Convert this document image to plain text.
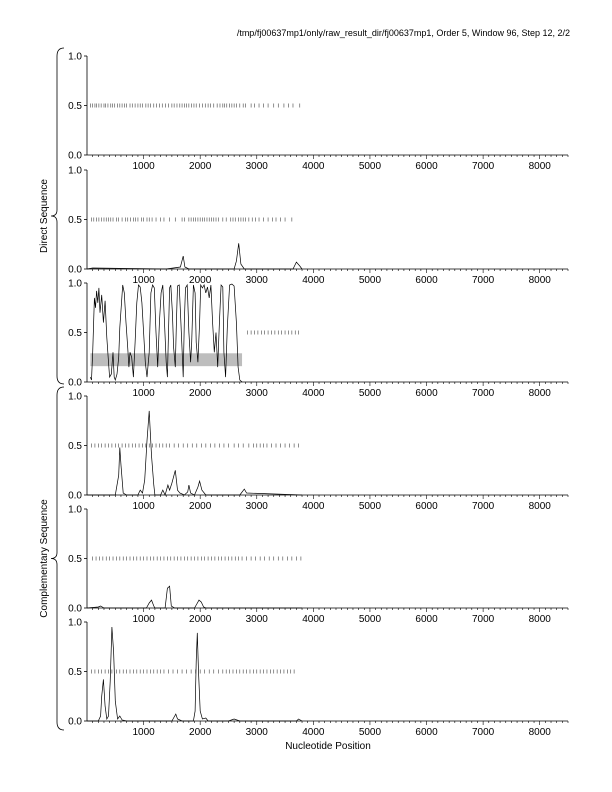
/tmp/fj00637mp1/only/raw_result_dir/fj00637mp1, Order 5, Window 96, Step 12, 2/2
0.0
0.5
1.0
1000	2000	3000	4000	5000	6000	7000	8000
0.0
0.5
1.0
1000	2000	3000	4000	5000	6000	7000	8000
0.0
0.5
1.0
1000	2000	3000	4000	5000	6000	7000	8000
0.0
0.5
1.0
1000	2000	3000	4000	5000	6000	7000	8000
0.0
0.5
1.0
1000	2000	3000	4000	5000	6000	7000	8000
0.0
0.5
1.0
1000	2000	3000	4000	5000	6000	7000	8000
Direct Sequence
Complementary Sequence
Nucleotide Position
